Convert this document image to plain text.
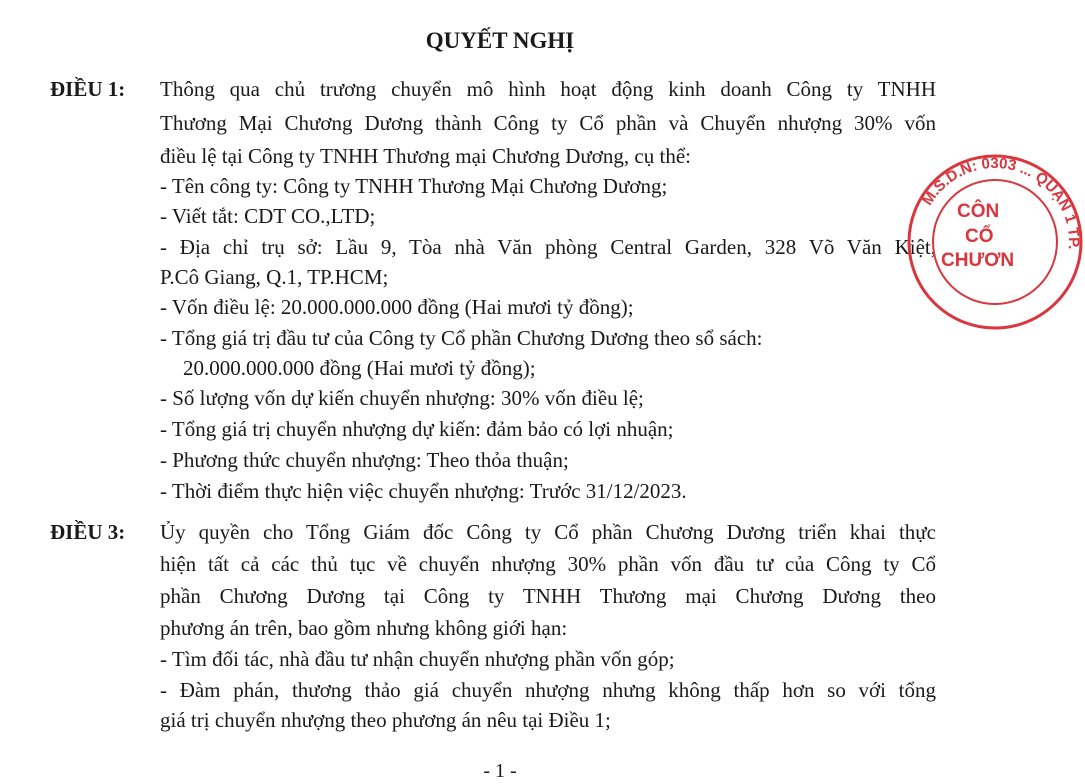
QUYẾT NGHỊ
ĐIỀU 1: Thông qua chủ trương chuyển mô hình hoạt động kinh doanh Công ty TNHH
Thương Mại Chương Dương thành Công ty Cổ phần và Chuyển nhượng 30% vốn
điều lệ tại Công ty TNHH Thương mại Chương Dương, cụ thể:
- Tên công ty: Công ty TNHH Thương Mại Chương Dương;
- Viết tắt: CDT CO.,LTD;
- Địa chỉ trụ sở: Lầu 9, Tòa nhà Văn phòng Central Garden, 328 Võ Văn Kiệt,
P.Cô Giang, Q.1, TP.HCM;
- Vốn điều lệ: 20.000.000.000 đồng (Hai mươi tỷ đồng);
- Tổng giá trị đầu tư của Công ty Cổ phần Chương Dương theo sổ sách:
20.000.000.000 đồng (Hai mươi tỷ đồng);
- Số lượng vốn dự kiến chuyển nhượng: 30% vốn điều lệ;
- Tổng giá trị chuyển nhượng dự kiến: đảm bảo có lợi nhuận;
- Phương thức chuyển nhượng: Theo thỏa thuận;
- Thời điểm thực hiện việc chuyển nhượng: Trước 31/12/2023.
ĐIỀU 3: Ủy quyền cho Tổng Giám đốc Công ty Cổ phần Chương Dương triển khai thực
hiện tất cả các thủ tục về chuyển nhượng 30% phần vốn đầu tư của Công ty Cổ
phần Chương Dương tại Công ty TNHH Thương mại Chương Dương theo
phương án trên, bao gồm nhưng không giới hạn:
- Tìm đối tác, nhà đầu tư nhận chuyển nhượng phần vốn góp;
- Đàm phán, thương thảo giá chuyển nhượng nhưng không thấp hơn so với tổng
giá trị chuyển nhượng theo phương án nêu tại Điều 1;
M.S.D.N: 0303 ... QUẬN 1 TP.
CÔN
CỔ
CHƯƠN
- 1 -
